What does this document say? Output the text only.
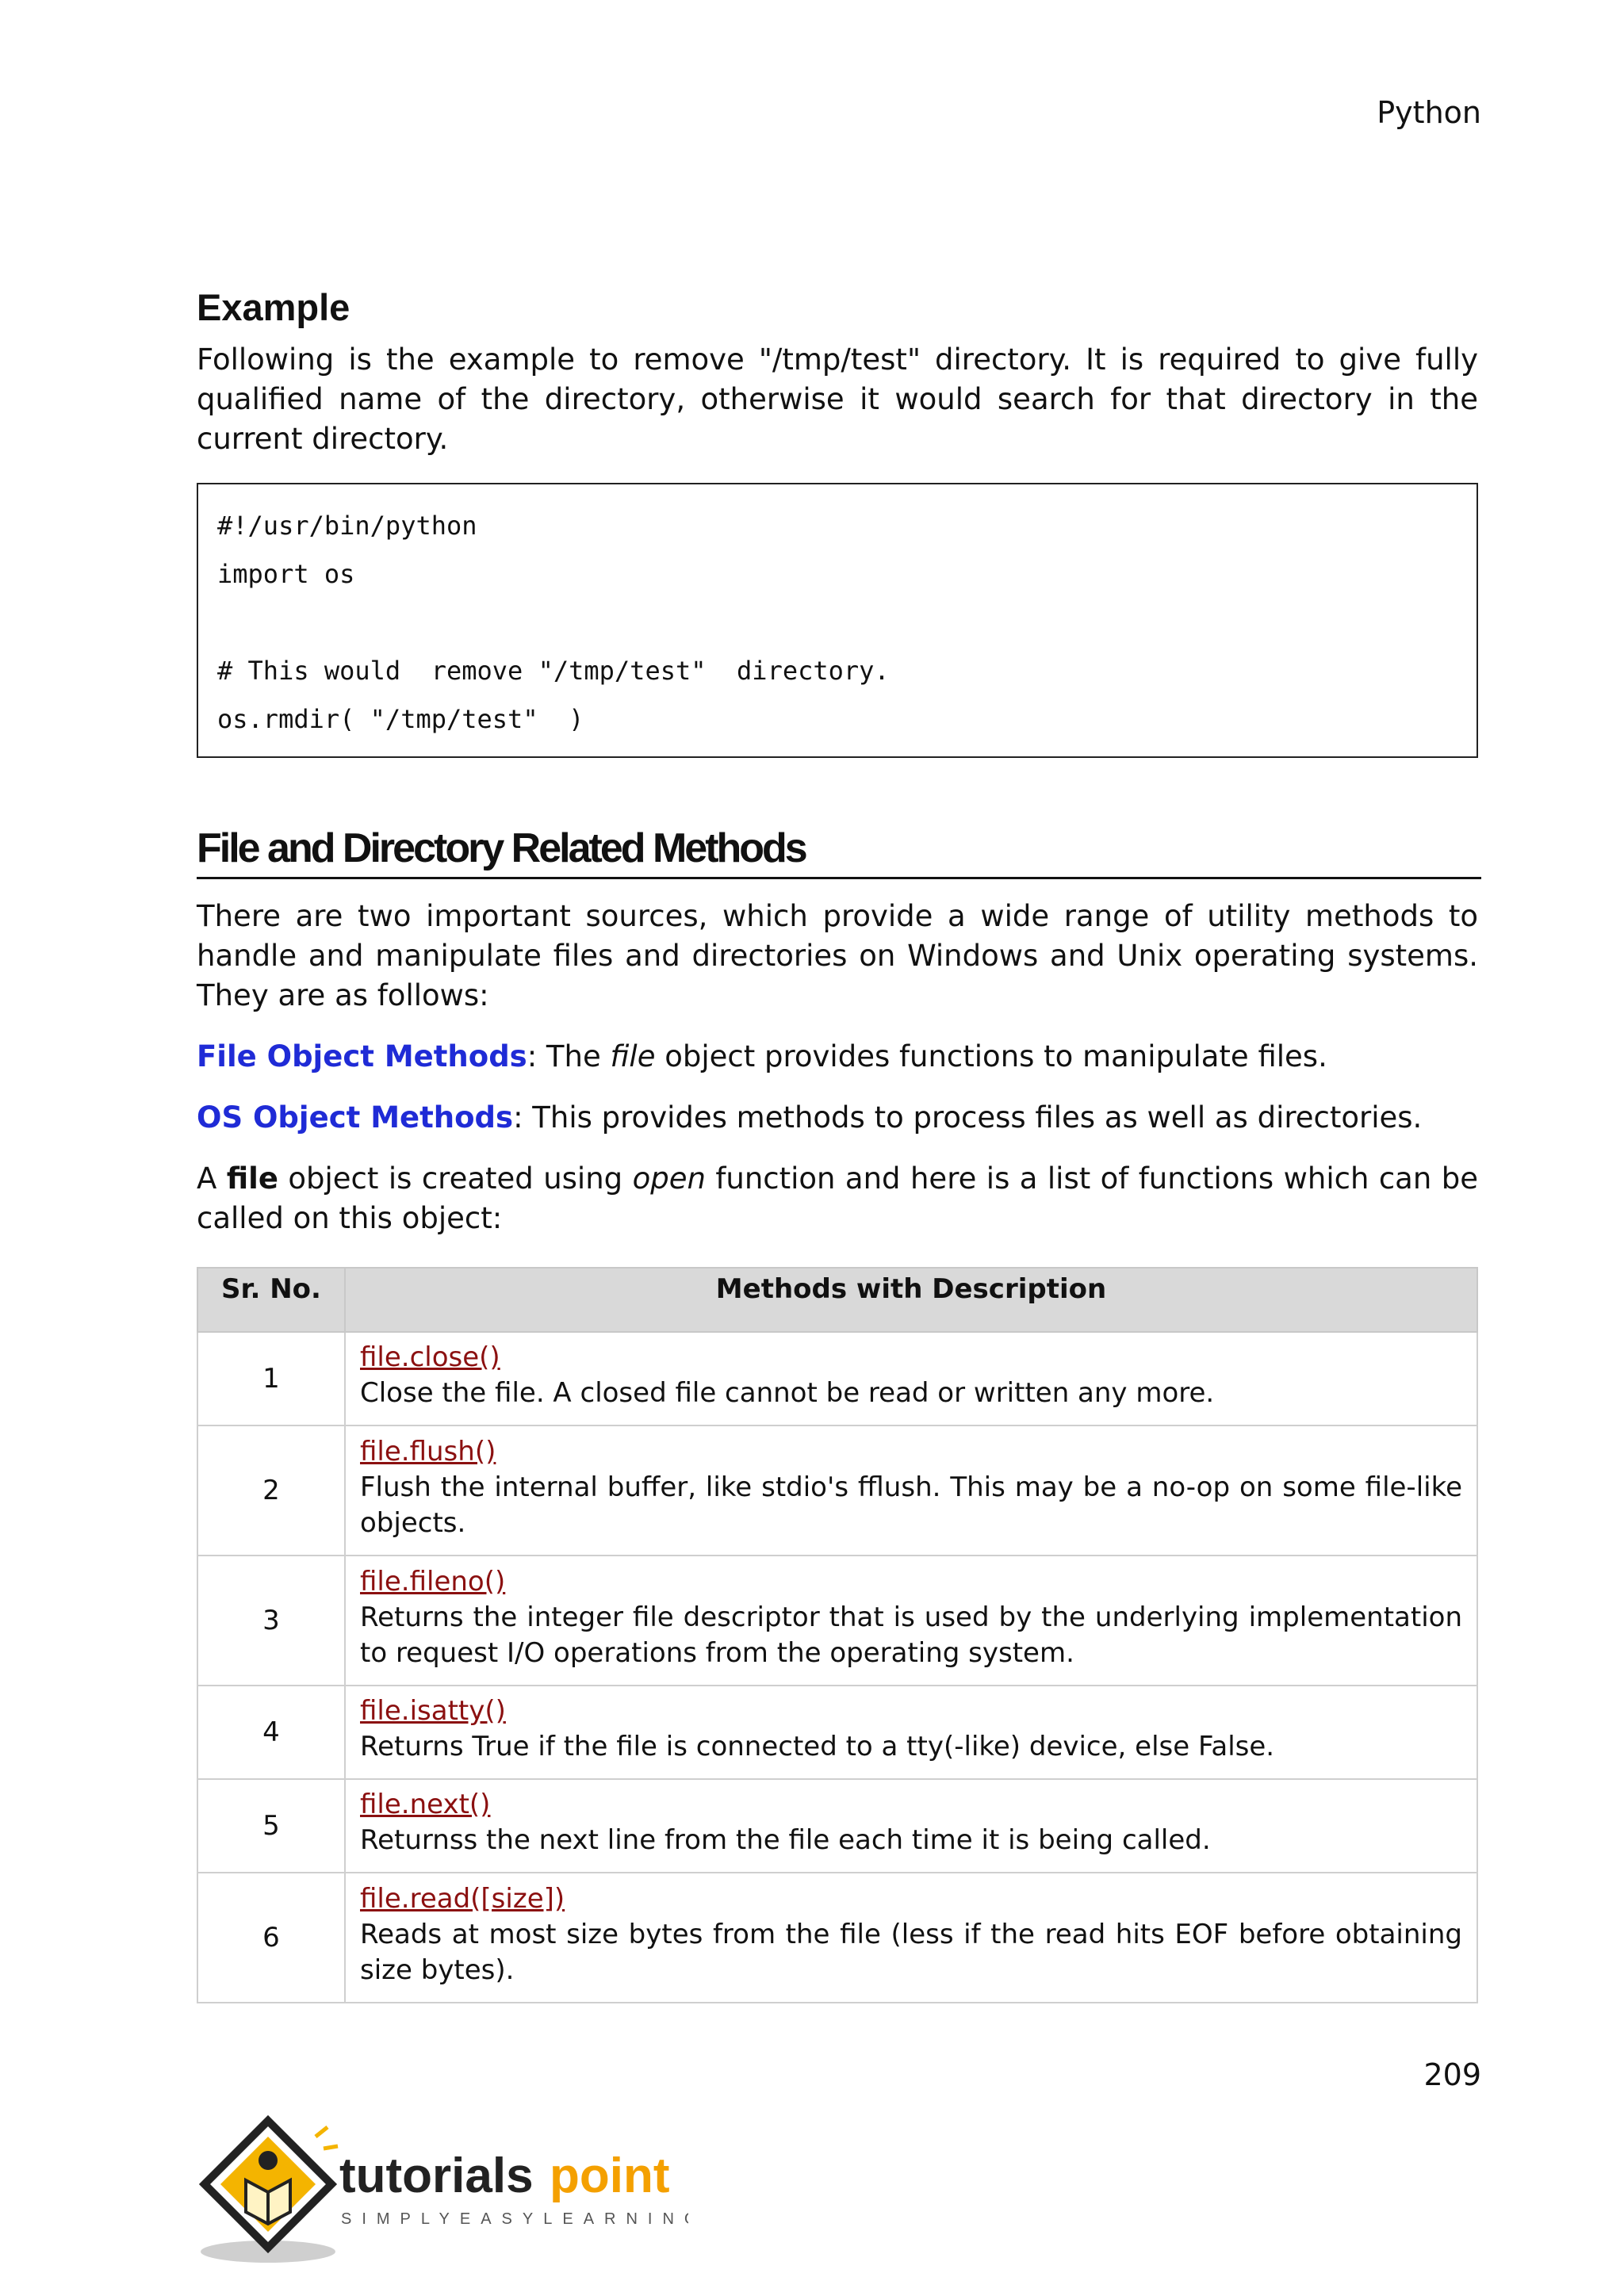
Python
Example

Following is the example to remove "/tmp/test" directory. It is required to give fully qualified name of the directory, otherwise it would search for that directory in the current directory.

#!/usr/bin/python
import os
# This would  remove "/tmp/test"  directory.
os.rmdir( "/tmp/test"  )
File and Directory Related Methods

There are two important sources, which provide a wide range of utility methods to handle and manipulate files and directories on Windows and Unix operating systems. They are as follows:

File Object Methods: The file object provides functions to manipulate files.
OS Object Methods: This provides methods to process files as well as directories.

A file object is created using open function and here is a list of functions which can be called on this object:

Sr. No.	Methods with Description
1	file.close()
Close the file. A closed file cannot be read or written any more.
2	file.flush()
Flush the internal buffer, like stdio's fflush. This may be a no-op on some file-like objects.
3	file.fileno()
Returns the integer file descriptor that is used by the underlying implementation to request I/O operations from the operating system.
4	file.isatty()
Returns True if the file is connected to a tty(-like) device, else False.
5	file.next()
Returnss the next line from the file each time it is being called.
6	file.read([size])
Reads at most size bytes from the file (less if the read hits EOF before obtaining size bytes).
209
tutorials point
SIMPLYEASYLEARNING
